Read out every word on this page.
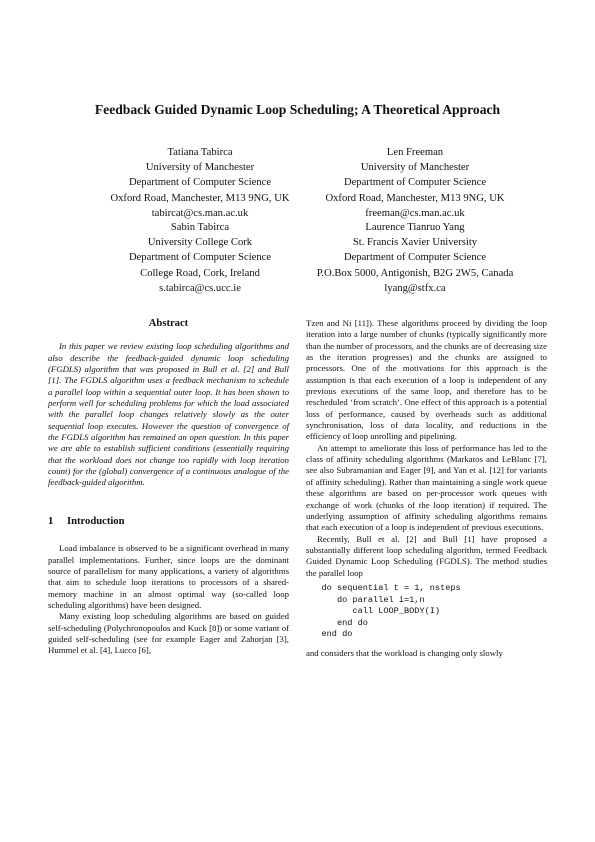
Feedback Guided Dynamic Loop Scheduling; A Theoretical Approach
Tatiana Tabirca
University of Manchester
Department of Computer Science
Oxford Road, Manchester, M13 9NG, UK
tabircat@cs.man.ac.uk
Len Freeman
University of Manchester
Department of Computer Science
Oxford Road, Manchester, M13 9NG, UK
freeman@cs.man.ac.uk
Sabin Tabirca
University College Cork
Department of Computer Science
College Road, Cork, Ireland
s.tabirca@cs.ucc.ie
Laurence Tianruo Yang
St. Francis Xavier University
Department of Computer Science
P.O.Box 5000, Antigonish, B2G 2W5, Canada
lyang@stfx.ca
Abstract

In this paper we review existing loop scheduling algorithms and also describe the feedback-guided dynamic loop scheduling (FGDLS) algorithm that was proposed in Bull et al. [2] and Bull [1]. The FGDLS algorithm uses a feedback mechanism to schedule a parallel loop within a sequential outer loop. It has been shown to perform well for scheduling problems for which the load associated with the parallel loop changes relatively slowly as the outer sequential loop executes. However the question of convergence of the FGDLS algorithm has remained an open question. In this paper we are able to establish sufficient conditions (essentially requiring that the workload does not change too rapidly with loop iteration count) for the (global) convergence of a continuous analogue of the feedback-guided algorithm.

1 Introduction

Load imbalance is observed to be a significant overhead in many parallel implementations. Further, since loops are the dominant source of parallelism for many applications, a variety of algorithms that aim to schedule loop iterations to processors of a shared-memory machine in an almost optimal way (so-called loop scheduling algorithms) have been designed.

Many existing loop scheduling algorithms are based on guided self-scheduling (Polychronopoulos and Kuck [8]) or some variant of guided self-scheduling (see for example Eager and Zahorjan [3], Hummel et al. [4], Lucco [6],

Tzen and Ni [11]). These algorithms proceed by dividing the loop iteration into a large number of chunks (typically significantly more than the number of processors, and the chunks are of decreasing size as the iteration progresses) and the chunks are assigned to processors. One of the motivations for this approach is the assumption is that each execution of a loop is independent of any previous executions of the same loop, and therefore has to be rescheduled ‘from scratch’. One effect of this approach is a potential loss of performance, caused by overheads such as additional synchronisation, loss of data locality, and reductions in the efficiency of loop unrolling and pipelining.

An attempt to ameliorate this loss of performance has led to the class of affinity scheduling algorithms (Markatos and LeBlanc [7], see also Subramanian and Eager [9], and Yan et al. [12] for variants of affinity scheduling). Rather than maintaining a single work queue these algorithms are based on per-processor work queues with exchange of work (chunks of the loop iteration) if required. The underlying assumption of affinity scheduling algorithms remains that each execution of a loop is independent of previous executions.

Recently, Bull et al. [2] and Bull [1] have proposed a substantially different loop scheduling algorithm, termed Feedback Guided Dynamic Loop Scheduling (FGDLS). The method studies the parallel loop

do sequential t = 1, nsteps
do parallel i=1,n
call LOOP_BODY(I)
end do
end do

and considers that the workload is changing only slowly
